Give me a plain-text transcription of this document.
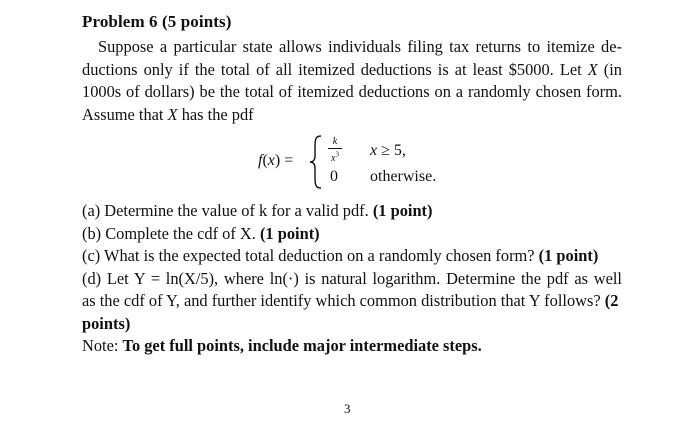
Problem 6 (5 points)
Suppose a particular state allows individuals filing tax returns to itemize de-
ductions only if the total of all itemized deductions is at least $5000. Let X (in
1000s of dollars) be the total of itemized deductions on a randomly chosen form.
Assume that X has the pdf
f(x) =
k
$x^3$
0
x ≥ 5,
otherwise.
(a) Determine the value of k for a valid pdf. (1 point)
(b) Complete the cdf of X. (1 point)
(c) What is the expected total deduction on a randomly chosen form? (1 point)
(d) Let Y = ln(X/5), where ln(·) is natural logarithm. Determine the pdf as well
as the cdf of Y, and further identify which common distribution that Y follows? (2
points)
Note: To get full points, include major intermediate steps.
3
